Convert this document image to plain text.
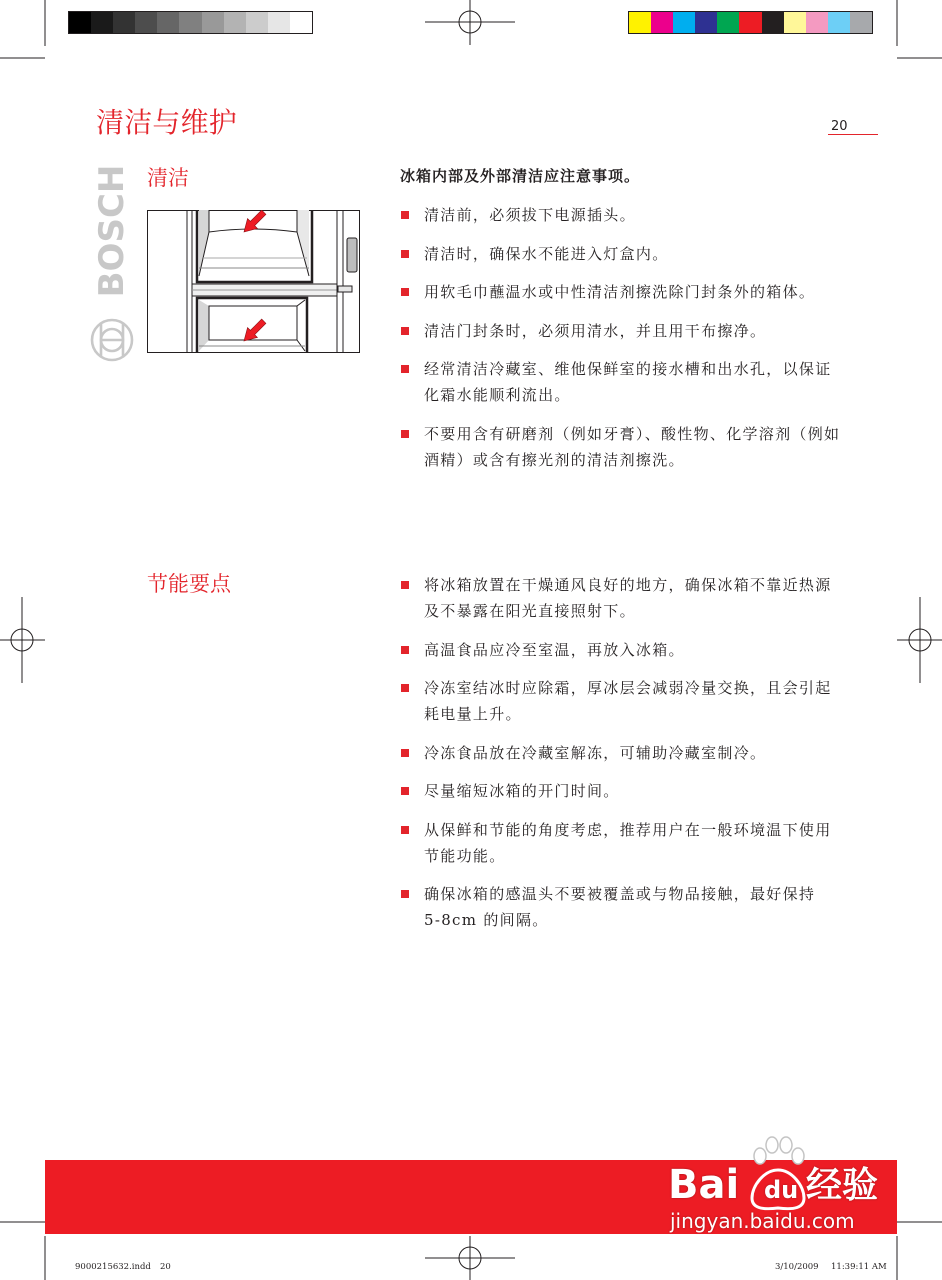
清洁与维护	20
BOSCH 清洁	冰箱内部及外部清洁应注意事项。
清洁前，必须拔下电源插头。
清洁时，确保水不能进入灯盒内。
用软毛巾蘸温水或中性清洁剂擦洗除门封条外的箱体。
清洁门封条时，必须用清水，并且用干布擦净。
经常清洁冷藏室、维他保鲜室的接水槽和出水孔，以保证
化霜水能顺利流出。
不要用含有研磨剂（例如牙膏）、酸性物、化学溶剂（例如
酒精）或含有擦光剂的清洁剂擦洗。
节能要点	将冰箱放置在干燥通风良好的地方，确保冰箱不靠近热源
及不暴露在阳光直接照射下。
高温食品应冷至室温，再放入冰箱。
冷冻室结冰时应除霜，厚冰层会减弱冷量交换，且会引起
耗电量上升。
冷冻食品放在冷藏室解冻，可辅助冷藏室制冷。
尽量缩短冰箱的开门时间。
从保鲜和节能的角度考虑，推荐用户在一般环境温下使用
节能功能。
确保冰箱的感温头不要被覆盖或与物品接触，最好保持
5-8cm 的间隔。
Bai du 经验
jingyan.baidu.com
9000215632.indd 20	3/10/2009 11:39:11 AM
